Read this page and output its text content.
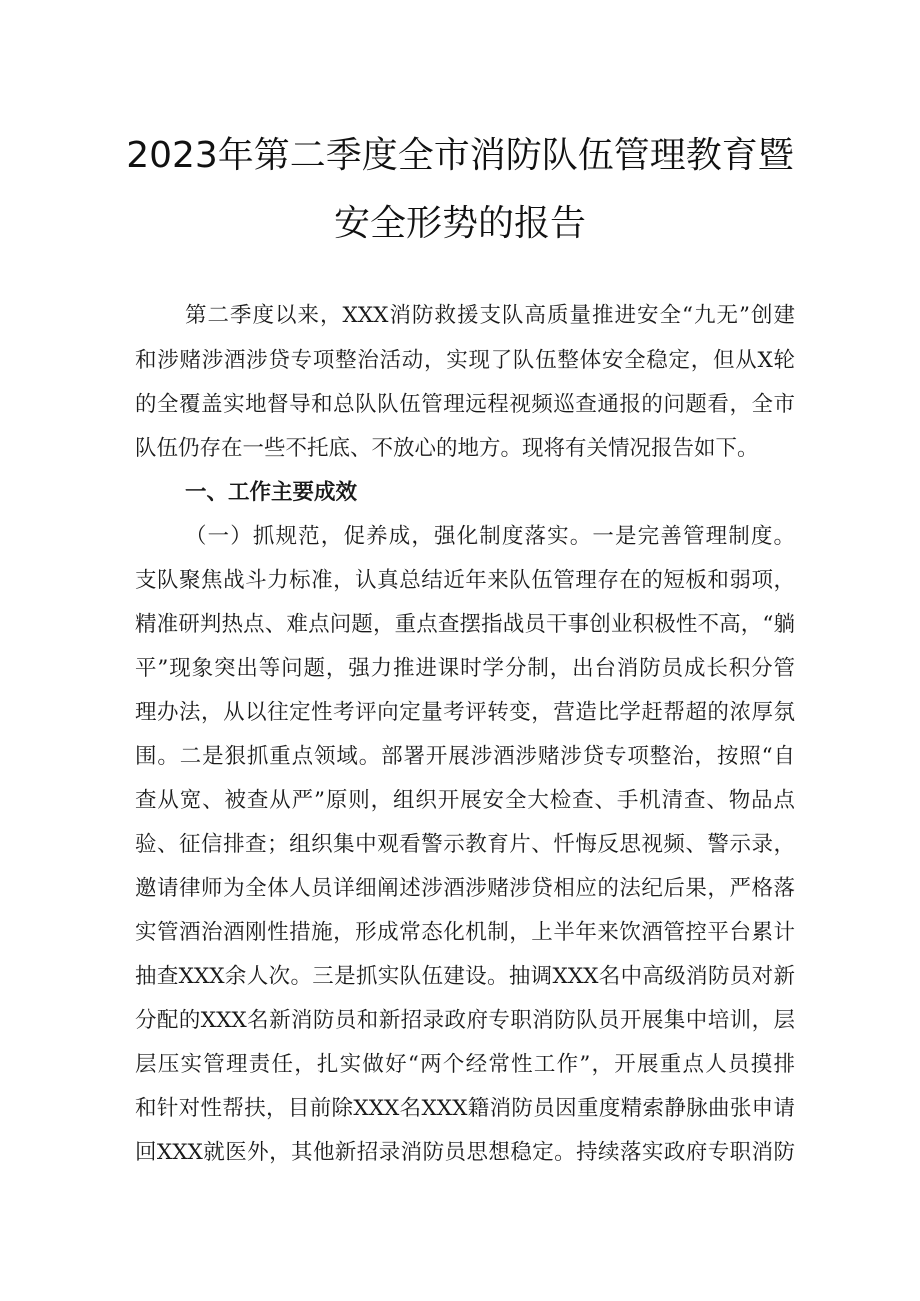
2023年第二季度全市消防队伍管理教育暨
安全形势的报告
第二季度以来，XXX消防救援支队高质量推进安全“九无”创建
和涉赌涉酒涉贷专项整治活动，实现了队伍整体安全稳定，但从X轮
的全覆盖实地督导和总队队伍管理远程视频巡查通报的问题看，全市
队伍仍存在一些不托底、不放心的地方。现将有关情况报告如下。
一、工作主要成效
（一）抓规范，促养成，强化制度落实。一是完善管理制度。
支队聚焦战斗力标准，认真总结近年来队伍管理存在的短板和弱项，
精准研判热点、难点问题，重点查摆指战员干事创业积极性不高，“躺
平”现象突出等问题，强力推进课时学分制，出台消防员成长积分管
理办法，从以往定性考评向定量考评转变，营造比学赶帮超的浓厚氛
围。二是狠抓重点领域。部署开展涉酒涉赌涉贷专项整治，按照“自
查从宽、被查从严”原则，组织开展安全大检查、手机清查、物品点
验、征信排查；组织集中观看警示教育片、忏悔反思视频、警示录，
邀请律师为全体人员详细阐述涉酒涉赌涉贷相应的法纪后果，严格落
实管酒治酒刚性措施，形成常态化机制，上半年来饮酒管控平台累计
抽查XXX余人次。三是抓实队伍建设。抽调XXX名中高级消防员对新
分配的XXX名新消防员和新招录政府专职消防队员开展集中培训，层
层压实管理责任，扎实做好“两个经常性工作”，开展重点人员摸排
和针对性帮扶，目前除XXX名XXX籍消防员因重度精索静脉曲张申请
回XXX就医外，其他新招录消防员思想稳定。持续落实政府专职消防
